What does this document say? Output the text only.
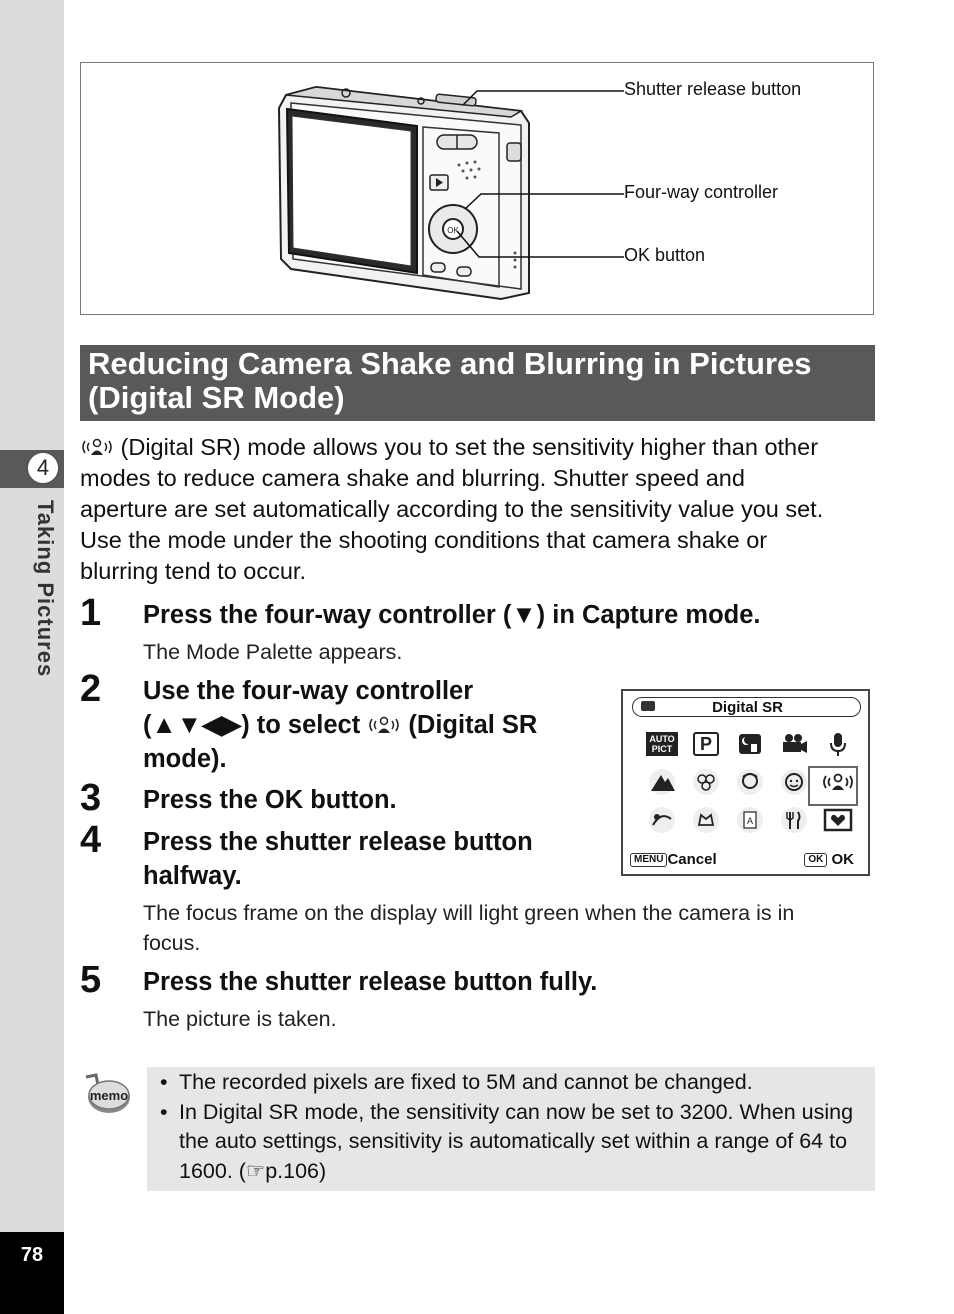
4
Taking Pictures
78
OK
Shutter release button
Four-way controller
OK button
Reducing Camera Shake and Blurring in Pictures
(Digital SR Mode)
(Digital SR) mode allows you to set the sensitivity higher than other
modes to reduce camera shake and blurring. Shutter speed and
aperture are set automatically according to the sensitivity value you set.
Use the mode under the shooting conditions that camera shake or
blurring tend to occur.
1 Press the four-way controller (▼) in Capture mode.
The Mode Palette appears.
2 Use the four-way controller
(▲▼◀▶) to select (Digital SR
mode).
3 Press the OK button.
4 Press the shutter release button
halfway.
The focus frame on the display will light green when the camera is in
focus.
5 Press the shutter release button fully.
The picture is taken.
Digital SR
AUTO PICT	P
A
MENU Cancel	OK OK
memo
• The recorded pixels are fixed to 5M and cannot be changed.
• In Digital SR mode, the sensitivity can now be set to 3200. When using the auto settings, sensitivity is automatically set within a range of 64 to 1600. (☞p.106)
